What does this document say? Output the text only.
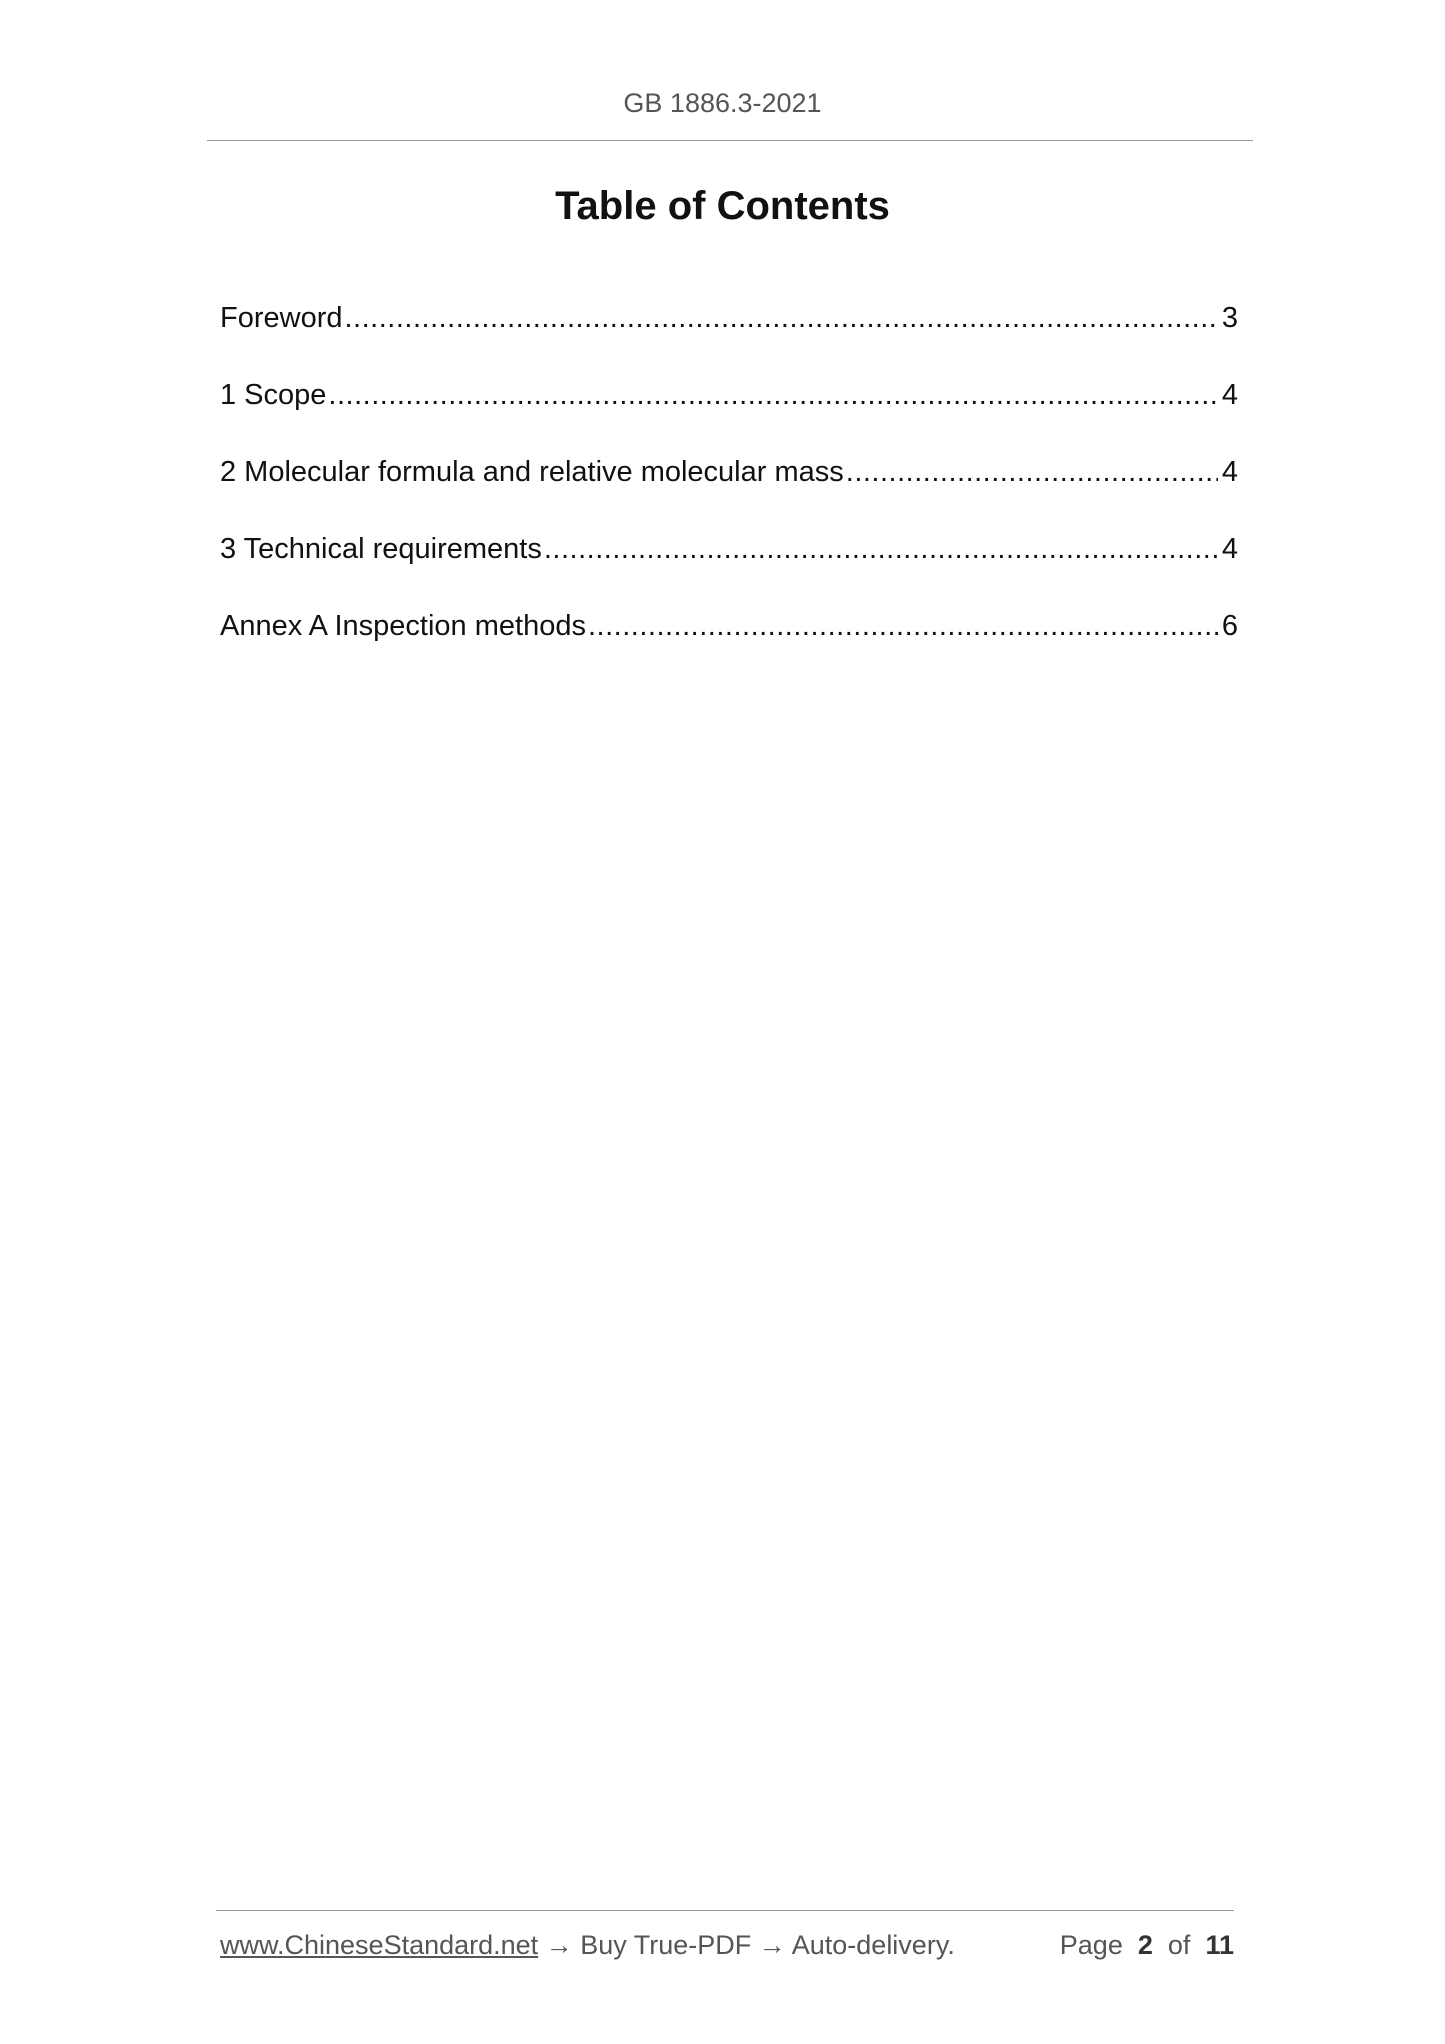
GB 1886.3-2021
Table of Contents
Foreword .....	3
1 Scope .....	4
2 Molecular formula and relative molecular mass .....	4
3 Technical requirements .....	4
Annex A Inspection methods .....	6
www.ChineseStandard.net → Buy True-PDF → Auto-delivery.	Page 2 of 11
